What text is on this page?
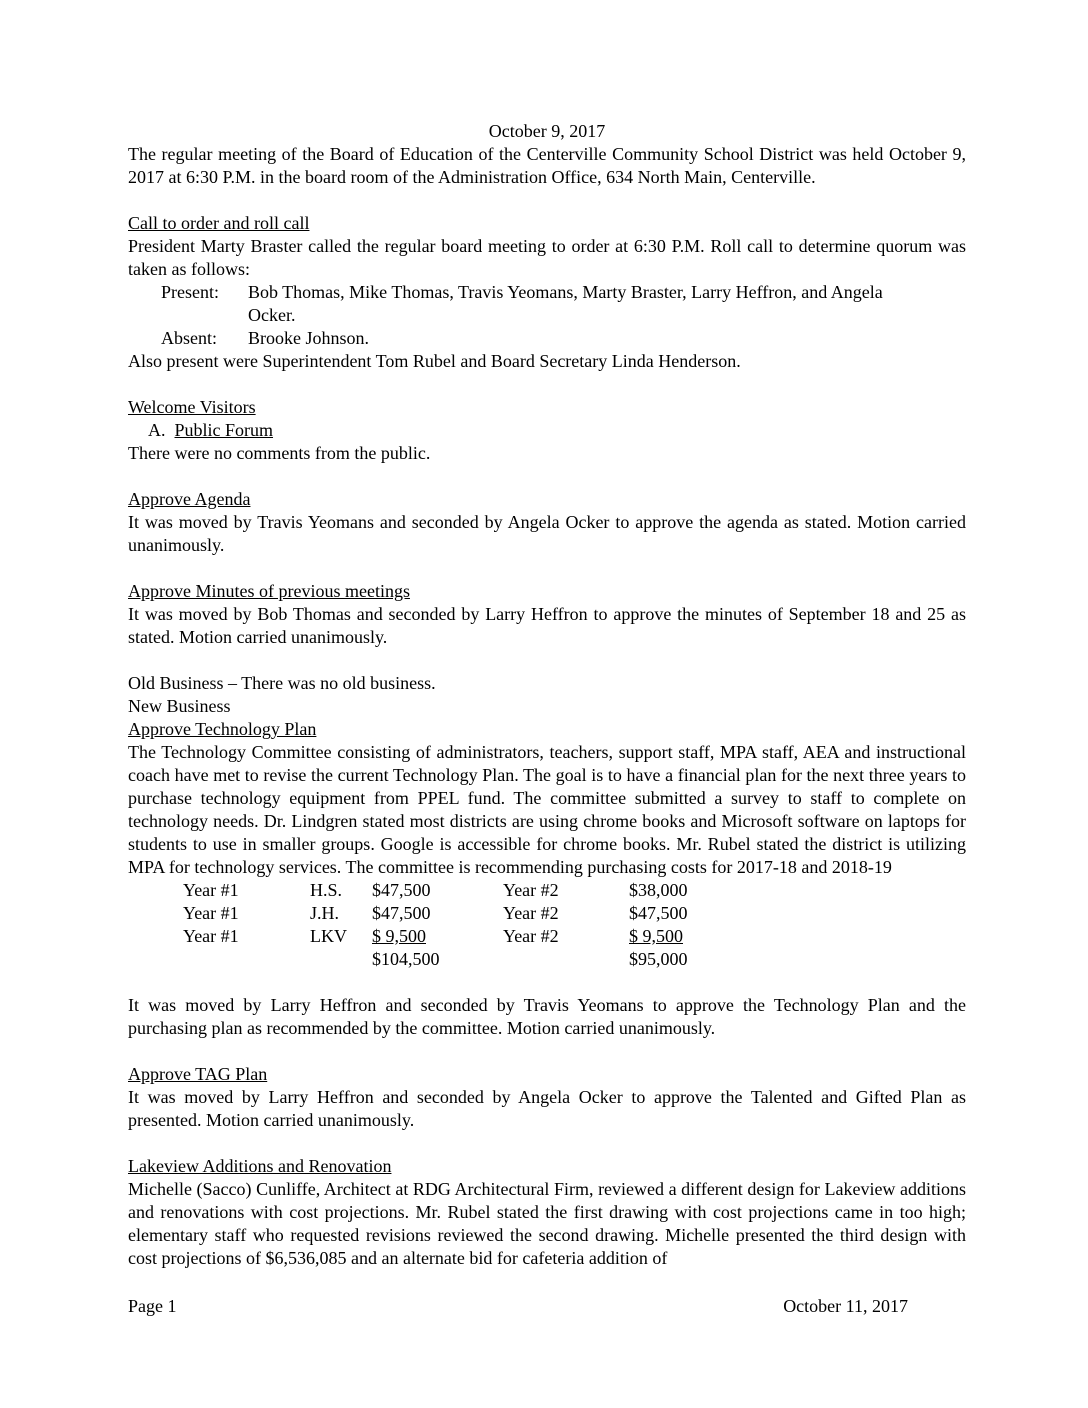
October 9, 2017

The regular meeting of the Board of Education of the Centerville Community School District was held October 9, 2017 at 6:30 P.M. in the board room of the Administration Office, 634 North Main, Centerville.

Call to order and roll call

President Marty Braster called the regular board meeting to order at 6:30 P.M. Roll call to determine quorum was taken as follows:

Present:	Bob Thomas, Mike Thomas, Travis Yeomans, Marty Braster, Larry Heffron, and Angela Ocker.
Absent:	Brooke Johnson.

Also present were Superintendent Tom Rubel and Board Secretary Linda Henderson.

Welcome Visitors

A. Public Forum

There were no comments from the public.

Approve Agenda

It was moved by Travis Yeomans and seconded by Angela Ocker to approve the agenda as stated. Motion carried unanimously.

Approve Minutes of previous meetings

It was moved by Bob Thomas and seconded by Larry Heffron to approve the minutes of September 18 and 25 as stated. Motion carried unanimously.

Old Business – There was no old business.

New Business

Approve Technology Plan

The Technology Committee consisting of administrators, teachers, support staff, MPA staff, AEA and instructional coach have met to revise the current Technology Plan. The goal is to have a financial plan for the next three years to purchase technology equipment from PPEL fund. The committee submitted a survey to staff to complete on technology needs. Dr. Lindgren stated most districts are using chrome books and Microsoft software on laptops for students to use in smaller groups. Google is accessible for chrome books. Mr. Rubel stated the district is utilizing MPA for technology services. The committee is recommending purchasing costs for 2017-18 and 2018-19

Year #1	H.S.	$47,500	Year #2	$38,000
Year #1	J.H.	$47,500	Year #2	$47,500
Year #1	LKV	$ 9,500	Year #2	$ 9,500
		$104,500		$95,000

It was moved by Larry Heffron and seconded by Travis Yeomans to approve the Technology Plan and the purchasing plan as recommended by the committee. Motion carried unanimously.

Approve TAG Plan

It was moved by Larry Heffron and seconded by Angela Ocker to approve the Talented and Gifted Plan as presented. Motion carried unanimously.

Lakeview Additions and Renovation

Michelle (Sacco) Cunliffe, Architect at RDG Architectural Firm, reviewed a different design for Lakeview additions and renovations with cost projections. Mr. Rubel stated the first drawing with cost projections came in too high; elementary staff who requested revisions reviewed the second drawing. Michelle presented the third design with cost projections of $6,536,085 and an alternate bid for cafeteria addition of

Page 1	October 11, 2017
